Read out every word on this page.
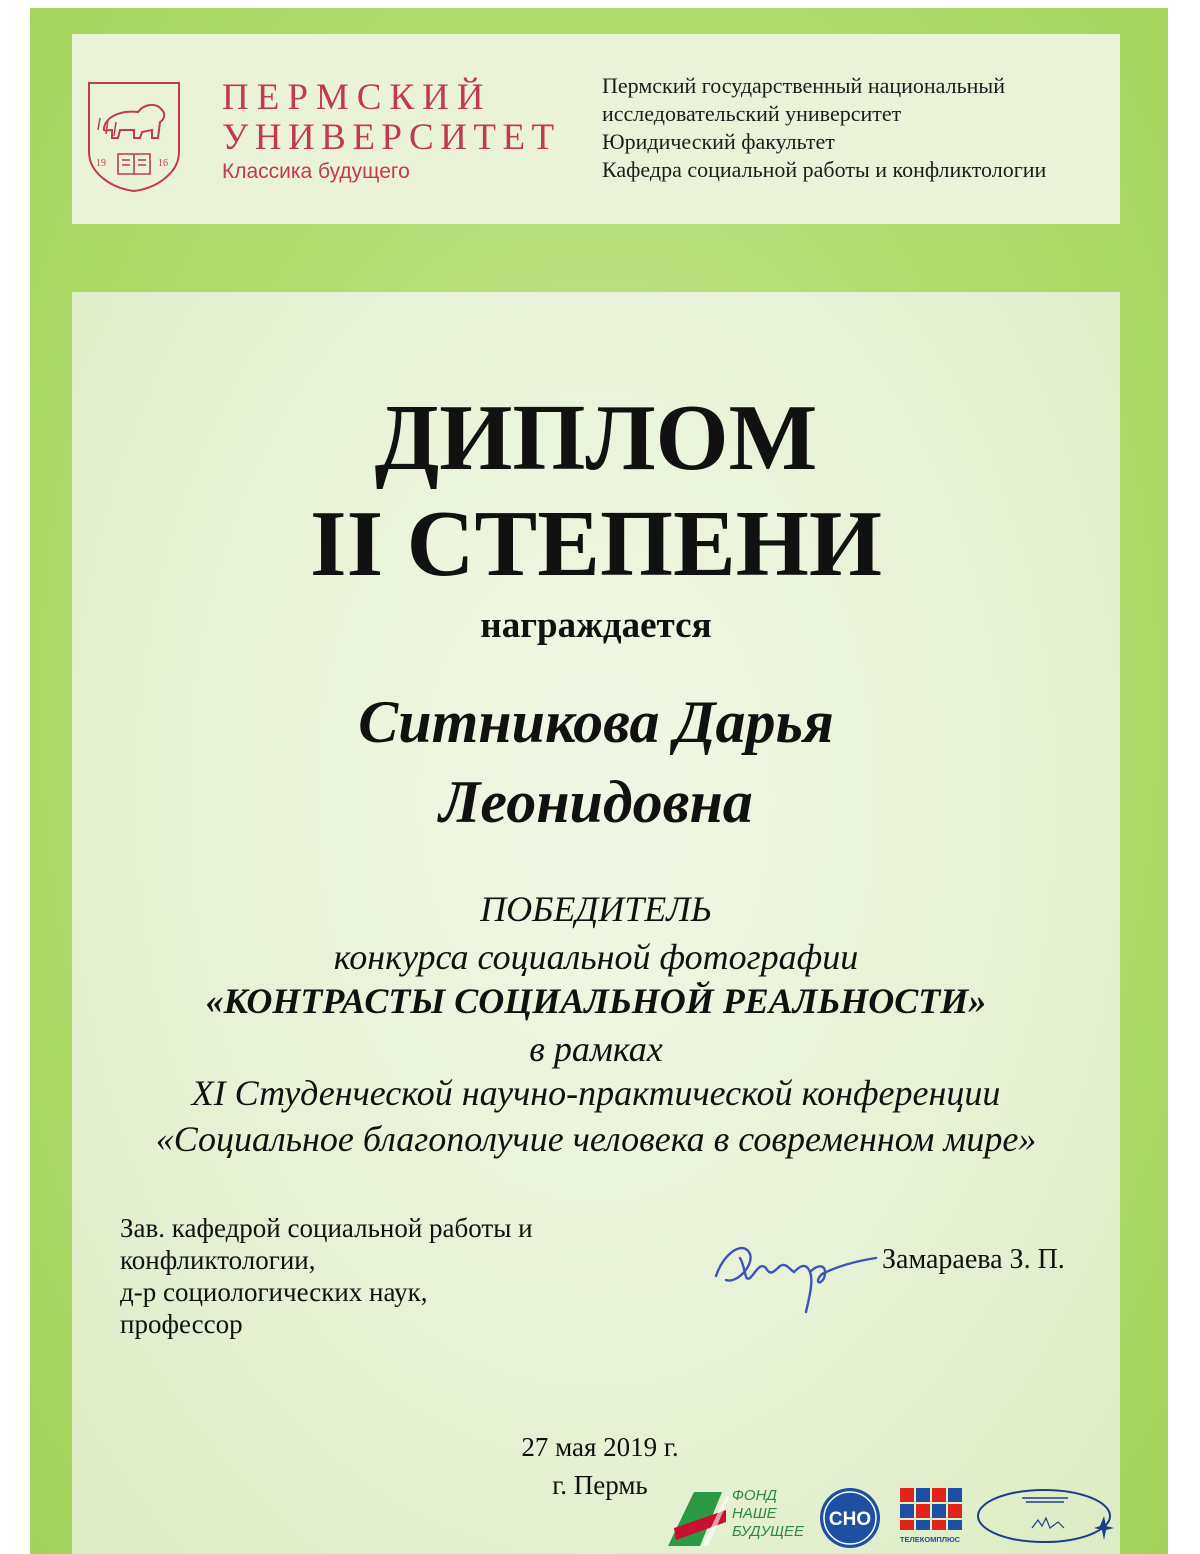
19	16
ПЕРМСКИЙ
УНИВЕРСИТЕТ
Классика будущего
Пермский государственный национальный
исследовательский университет
Юридический факультет
Кафедра социальной работы и конфликтологии
ДИПЛОМ
II СТЕПЕНИ
награждается
Ситникова Дарья
Леонидовна
ПОБЕДИТЕЛЬ
конкурса социальной фотографии
«КОНТРАСТЫ СОЦИАЛЬНОЙ РЕАЛЬНОСТИ»
в рамках
XI Студенческой научно-практической конференции
«Социальное благополучие человека в современном мире»
Зав. кафедрой социальной работы и
конфликтологии,
д-р социологических наук,
профессор
Замараева З. П.
27 мая 2019 г.
г. Пермь	ФОНД
НАШЕ
БУДУЩЕЕ
СНО
ТЕЛЕКОМПЛЮС
